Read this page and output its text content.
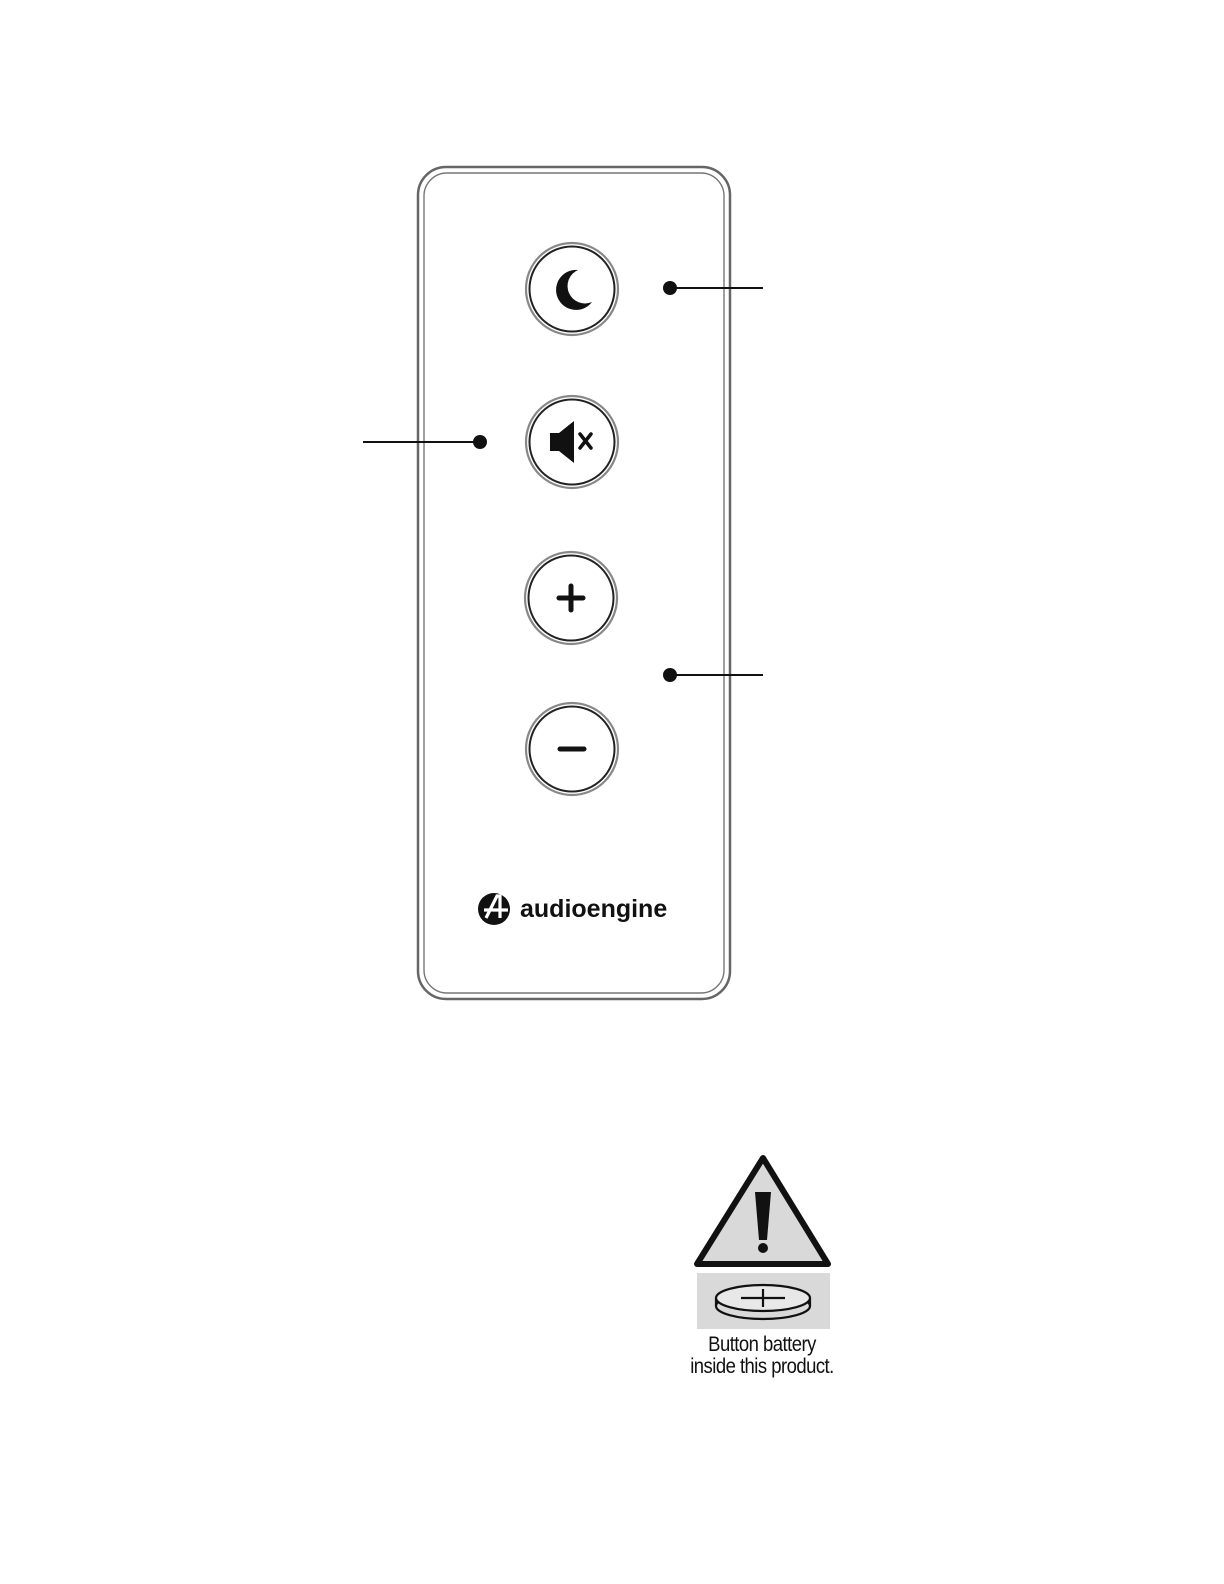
audioengine
Button battery
inside this product.
